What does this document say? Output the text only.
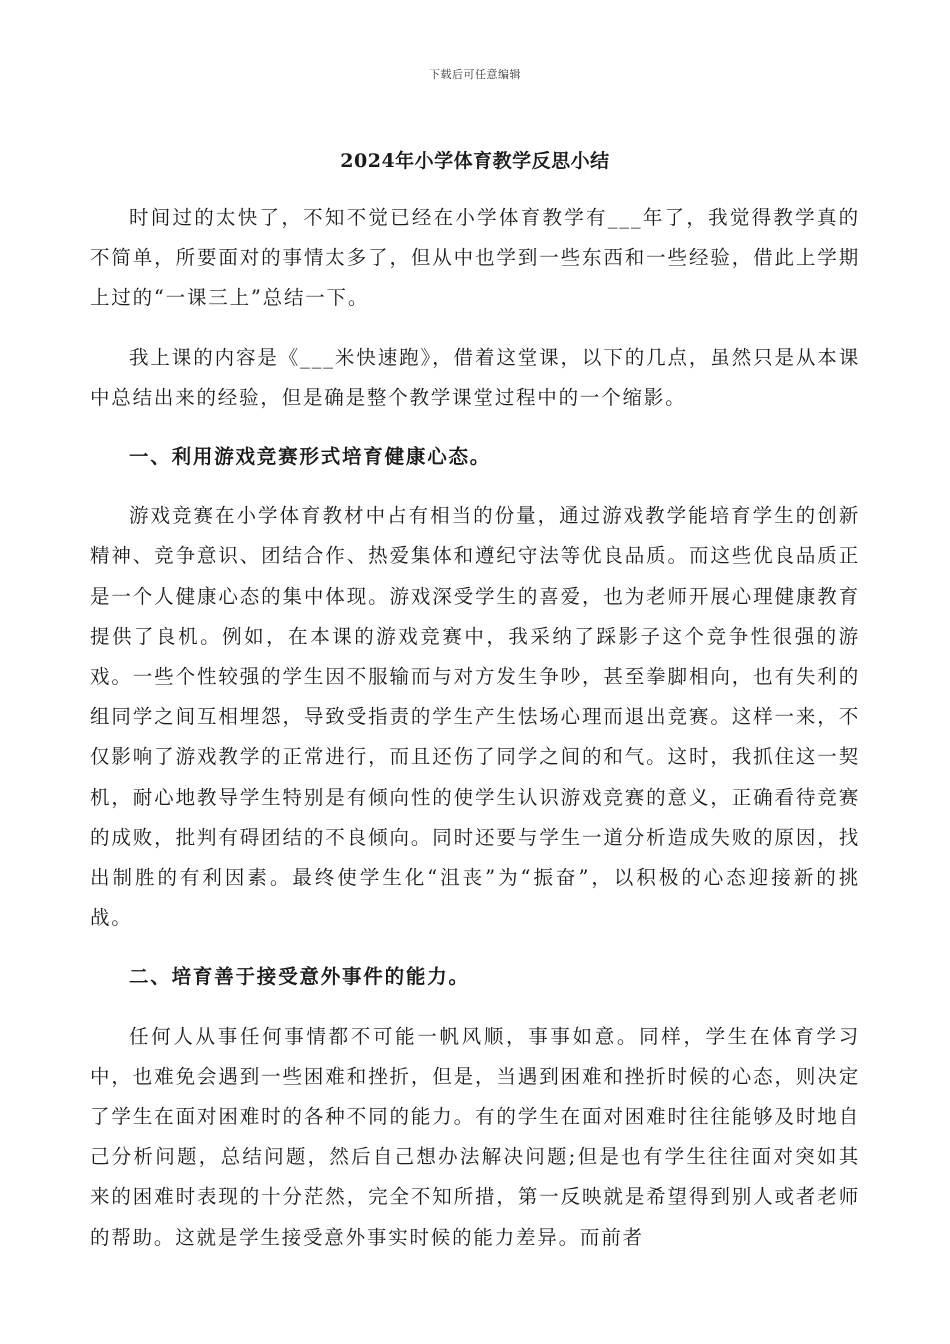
下载后可任意编辑
2024年小学体育教学反思小结

时间过的太快了，不知不觉已经在小学体育教学有___年了，我觉得教学真的不简单，所要面对的事情太多了，但从中也学到一些东西和一些经验，借此上学期上过的“一课三上”总结一下。

我上课的内容是《___米快速跑》，借着这堂课，以下的几点，虽然只是从本课中总结出来的经验，但是确是整个教学课堂过程中的一个缩影。

一、利用游戏竞赛形式培育健康心态。

游戏竞赛在小学体育教材中占有相当的份量，通过游戏教学能培育学生的创新精神、竞争意识、团结合作、热爱集体和遵纪守法等优良品质。而这些优良品质正是一个人健康心态的集中体现。游戏深受学生的喜爱，也为老师开展心理健康教育提供了良机。例如，在本课的游戏竞赛中，我采纳了踩影子这个竞争性很强的游戏。一些个性较强的学生因不服输而与对方发生争吵，甚至拳脚相向，也有失利的组同学之间互相埋怨，导致受指责的学生产生怯场心理而退出竞赛。这样一来，不仅影响了游戏教学的正常进行，而且还伤了同学之间的和气。这时，我抓住这一契机，耐心地教导学生特别是有倾向性的使学生认识游戏竞赛的意义，正确看待竞赛的成败，批判有碍团结的不良倾向。同时还要与学生一道分析造成失败的原因，找出制胜的有利因素。最终使学生化“沮丧”为“振奋”，以积极的心态迎接新的挑战。

二、培育善于接受意外事件的能力。

任何人从事任何事情都不可能一帆风顺，事事如意。同样，学生在体育学习中，也难免会遇到一些困难和挫折，但是，当遇到困难和挫折时候的心态，则决定了学生在面对困难时的各种不同的能力。有的学生在面对困难时往往能够及时地自己分析问题，总结问题，然后自己想办法解决问题;但是也有学生往往面对突如其来的困难时表现的十分茫然，完全不知所措，第一反映就是希望得到别人或者老师的帮助。这就是学生接受意外事实时候的能力差异。而前者
